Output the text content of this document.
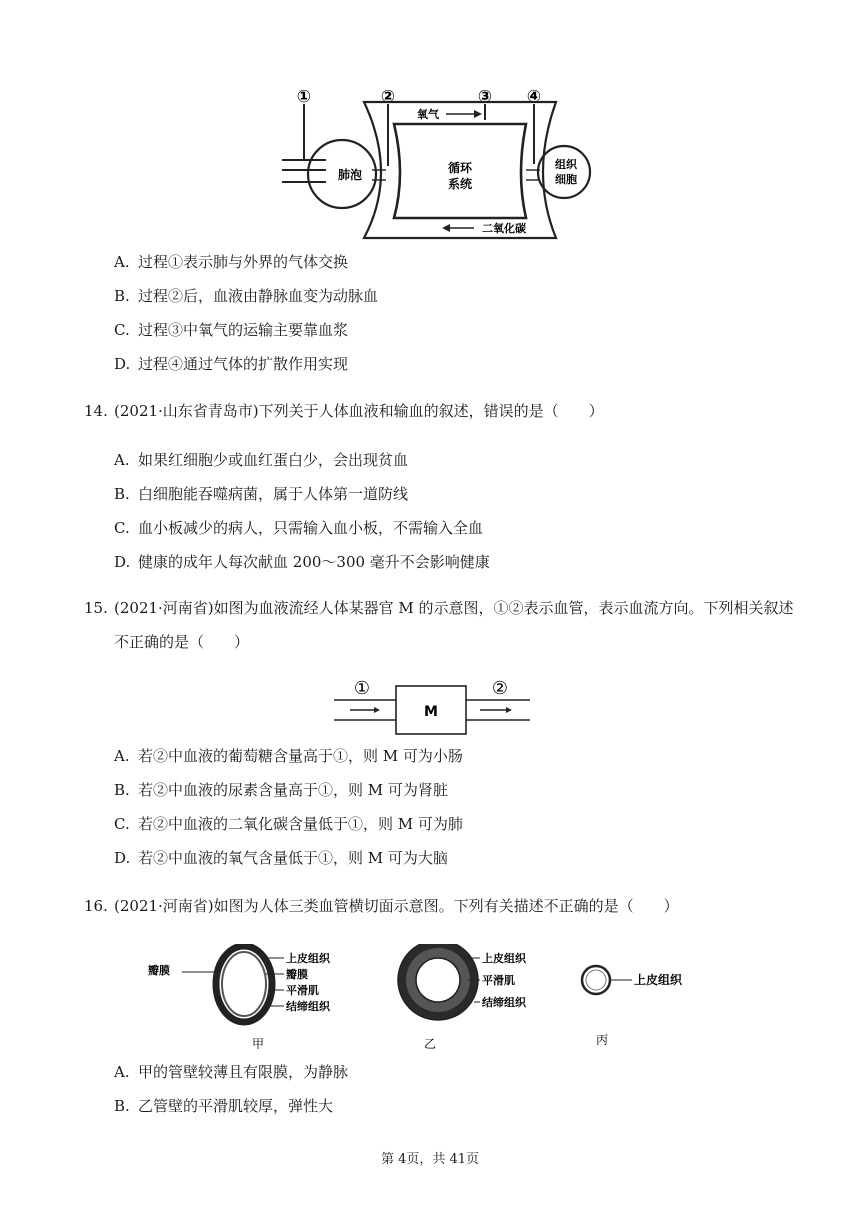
①	②	③ ④
肺泡	循环
系统
氧气
二氧化碳
组织
细胞
A. 过程①表示肺与外界的气体交换
B. 过程②后，血液由静脉血变为动脉血
C. 过程③中氧气的运输主要靠血浆
D. 过程④通过气体的扩散作用实现
14. (2021·山东省青岛市)下列关于人体血液和输血的叙述，错误的是（　　）
A. 如果红细胞少或血红蛋白少，会出现贫血
B. 白细胞能吞噬病菌，属于人体第一道防线
C. 血小板减少的病人，只需输入血小板，不需输入全血
D. 健康的成年人每次献血 200～300 毫升不会影响健康
15. (2021·河南省)如图为血液流经人体某器官 M 的示意图，①②表示血管，表示血流方向。下列相关叙述
不正确的是（　　）
①	②
M
A. 若②中血液的葡萄糖含量高于①，则 M 可为小肠
B. 若②中血液的尿素含量高于①，则 M 可为肾脏
C. 若②中血液的二氧化碳含量低于①，则 M 可为肺
D. 若②中血液的氧气含量低于①，则 M 可为大脑
16. (2021·河南省)如图为人体三类血管横切面示意图。下列有关描述不正确的是（　　）
瓣膜
上皮组织
瓣膜
平滑肌
结缔组织
甲
上皮组织
平滑肌
结缔组织
乙
上皮组织
丙
A. 甲的管壁较薄且有限膜，为静脉
B. 乙管壁的平滑肌较厚，弹性大
第 4页，共 41页
